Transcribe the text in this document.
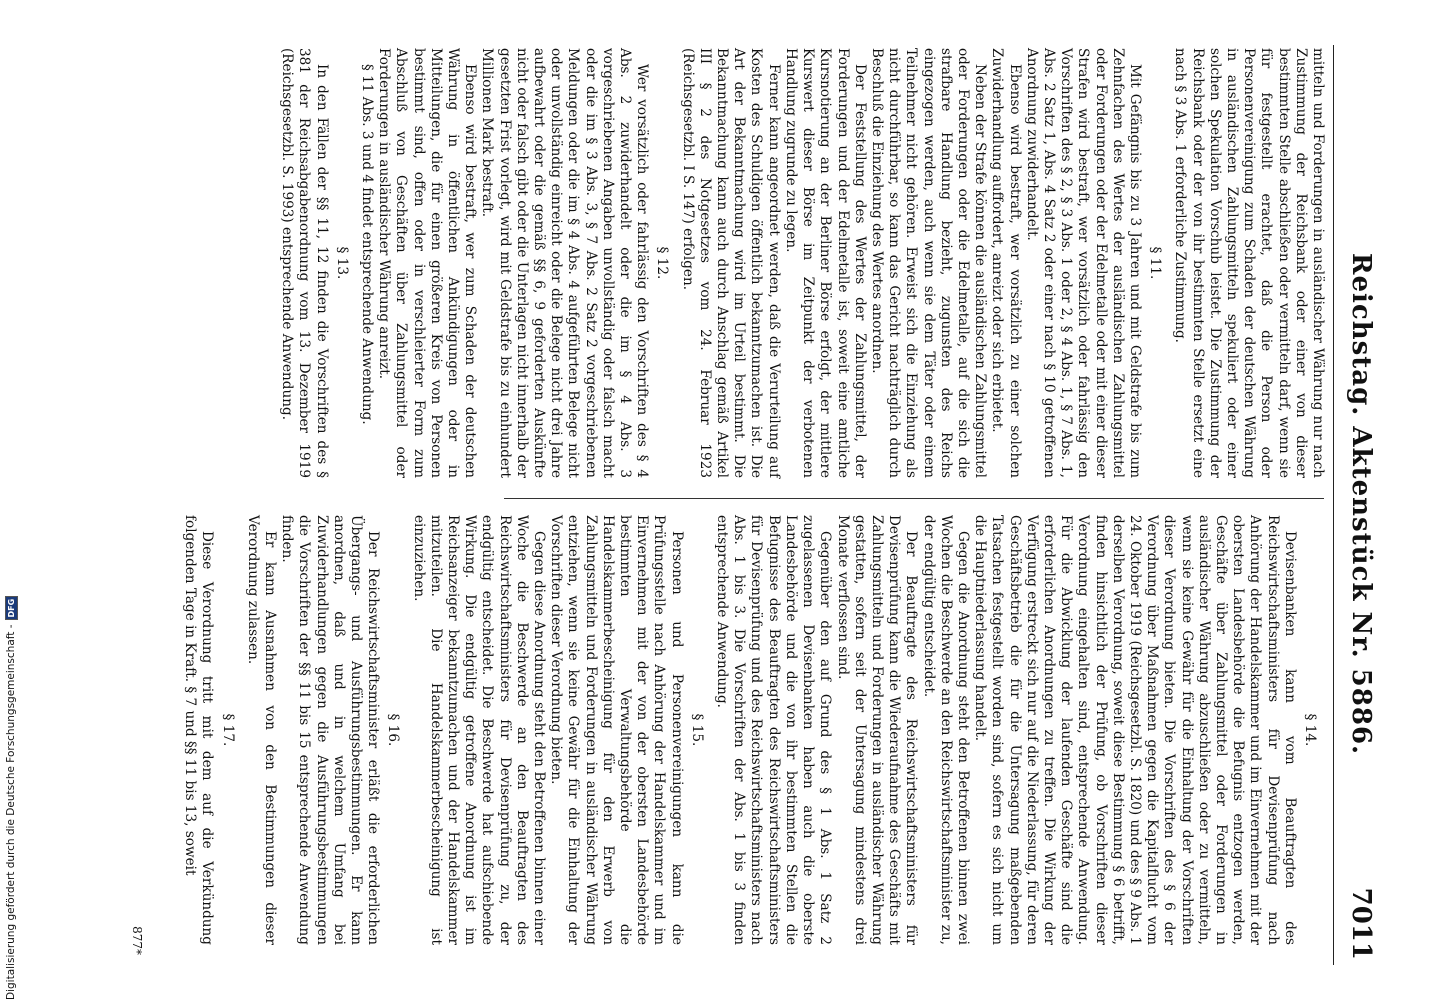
Reichstag. Aktenstück Nr. 5886.
7011

mitteln und Forderungen in ausländischer Währung nur nach Zustimmung der Reichsbank oder einer von dieser bestimmten Stelle abschließen oder vermitteln darf, wenn sie für festgestellt erachtet, daß die Person oder Personenvereinigung zum Schaden der deutschen Währung in ausländischen Zahlungsmitteln spekuliert oder einer solchen Spekulation Vorschub leistet. Die Zustimmung der Reichsbank oder der von ihr bestimmten Stelle ersetzt eine nach § 3 Abs. 1 erforderliche Zustimmung.

§ 11.

Mit Gefängnis bis zu 3 Jahren und mit Geldstrafe bis zum Zehnfachen des Wertes der ausländischen Zahlungsmittel oder Forderungen oder der Edelmetalle oder mit einer dieser Strafen wird bestraft, wer vorsätzlich oder fahrlässig den Vorschriften des § 2, § 3 Abs. 1 oder 2, § 4 Abs. 1, § 7 Abs. 1, Abs. 2 Satz 1, Abs. 4 Satz 2 oder einer nach § 10 getroffenen Anordnung zuwiderhandelt.

Ebenso wird bestraft, wer vorsätzlich zu einer solchen Zuwiderhandlung auffordert, anreizt oder sich erbietet.

Neben der Strafe können die ausländischen Zahlungsmittel oder Forderungen oder die Edelmetalle, auf die sich die strafbare Handlung bezieht, zugunsten des Reichs eingezogen werden, auch wenn sie dem Täter oder einem Teilnehmer nicht gehören. Erweist sich die Einziehung als nicht durchführbar, so kann das Gericht nachträglich durch Beschluß die Einziehung des Wertes anordnen.

Der Feststellung des Wertes der Zahlungsmittel, der Forderungen und der Edelmetalle ist, soweit eine amtliche Kursnotierung an der Berliner Börse erfolgt, der mittlere Kurswert dieser Börse im Zeitpunkt der verbotenen Handlung zugrunde zu legen.

Ferner kann angeordnet werden, daß die Verurteilung auf Kosten des Schuldigen öffentlich bekanntzumachen ist. Die Art der Bekanntmachung wird im Urteil bestimmt. Die Bekanntmachung kann auch durch Anschlag gemäß Artikel III § 2 des Notgesetzes vom 24. Februar 1923 (Reichsgesetzbl. I S. 147) erfolgen.

§ 12.

Wer vorsätzlich oder fahrlässig den Vorschriften des § 4 Abs. 2 zuwiderhandelt oder die im § 4 Abs. 3 vorgeschriebenen Angaben unvollständig oder falsch macht oder die im § 3 Abs. 3, § 7 Abs. 2 Satz 2 vorgeschriebenen Meldungen oder die im § 4 Abs. 4 aufgeführten Belege nicht oder unvollständig einreicht oder die Belege nicht drei Jahre aufbewahrt oder die gemäß §§ 6, 9 geforderten Auskünfte nicht oder falsch gibt oder die Unterlagen nicht innerhalb der gesetzten Frist vorlegt, wird mit Geldstrafe bis zu einhundert Millionen Mark bestraft.

Ebenso wird bestraft, wer zum Schaden der deutschen Währung in öffentlichen Ankündigungen oder in Mitteilungen, die für einen größeren Kreis von Personen bestimmt sind, offen oder in verschleierter Form zum Abschluß von Geschäften über Zahlungsmittel oder Forderungen in ausländischer Währung anreizt.

§ 11 Abs. 3 und 4 findet entsprechende Anwendung.

§ 13.

In den Fällen der §§ 11, 12 finden die Vorschriften des § 381 der Reichsabgabenordnung vom 13. Dezember 1919 (Reichsgesetzbl. S. 1993) entsprechende Anwendung.

§ 14.

Devisenbanken kann vom Beauftragten des Reichswirtschaftsministers für Devisenprüfung nach Anhörung der Handelskammer und im Einvernehmen mit der obersten Landesbehörde die Befugnis entzogen werden, Geschäfte über Zahlungsmittel oder Forderungen in ausländischer Währung abzuschließen oder zu vermitteln, wenn sie keine Gewähr für die Einhaltung der Vorschriften dieser Verordnung bieten. Die Vorschriften des § 6 der Verordnung über Maßnahmen gegen die Kapitalflucht vom 24. Oktober 1919 (Reichsgesetzbl. S. 1820) und des § 9 Abs. 1 derselben Verordnung, soweit diese Bestimmung § 6 betrifft, finden hinsichtlich der Prüfung, ob Vorschriften dieser Verordnung eingehalten sind, entsprechende Anwendung. Für die Abwicklung der laufenden Geschäfte sind die erforderlichen Anordnungen zu treffen. Die Wirkung der Verfügung erstreckt sich nur auf die Niederlassung, für deren Geschäftsbetrieb die für die Untersagung maßgebenden Tatsachen festgestellt worden sind, sofern es sich nicht um die Hauptniederlassung handelt.

Gegen die Anordnung steht den Betroffenen binnen zwei Wochen die Beschwerde an den Reichswirtschaftsminister zu, der endgültig entscheidet.

Der Beauftragte des Reichswirtschaftsministers für Devisenprüfung kann die Wiederaufnahme des Geschäfts mit Zahlungsmitteln und Forderungen in ausländischer Währung gestatten, sofern seit der Untersagung mindestens drei Monate verflossen sind.

Gegenüber den auf Grund des § 1 Abs. 1 Satz 2 zugelassenen Devisenbanken haben auch die oberste Landesbehörde und die von ihr bestimmten Stellen die Befugnisse des Beauftragten des Reichswirtschaftsministers für Devisenprüfung und des Reichswirtschaftsministers nach Abs. 1 bis 3. Die Vorschriften der Abs. 1 bis 3 finden entsprechende Anwendung.

§ 15.

Personen und Personenvereinigungen kann die Prüfungsstelle nach Anhörung der Handelskammer und im Einvernehmen mit der von der obersten Landesbehörde bestimmten Verwaltungsbehörde die Handelskammerbescheinigung für den Erwerb von Zahlungsmitteln und Forderungen in ausländischer Währung entziehen, wenn sie keine Gewähr für die Einhaltung der Vorschriften dieser Verordnung bieten.

Gegen diese Anordnung steht den Betroffenen binnen einer Woche die Beschwerde an den Beauftragten des Reichswirtschaftsministers für Devisenprüfung zu, der endgültig entscheidet. Die Beschwerde hat aufschiebende Wirkung. Die endgültig getroffene Anordnung ist im Reichsanzeiger bekanntzumachen und der Handelskammer mitzuteilen. Die Handelskammerbescheinigung ist einzuziehen.

§ 16.

Der Reichswirtschaftsminister erläßt die erforderlichen Übergangs- und Ausführungsbestimmungen. Er kann anordnen, daß und in welchem Umfang bei Zuwiderhandlungen gegen die Ausführungsbestimmungen die Vorschriften der §§ 11 bis 15 entsprechende Anwendung finden.

Er kann Ausnahmen von den Bestimmungen dieser Verordnung zulassen.

§ 17.

Diese Verordnung tritt mit dem auf die Verkündung folgenden Tage in Kraft. § 7 und §§ 11 bis 13, soweit

877*
Digitalisierung gefördert durch die Deutsche Forschungsgemeinschaft -
DFG
